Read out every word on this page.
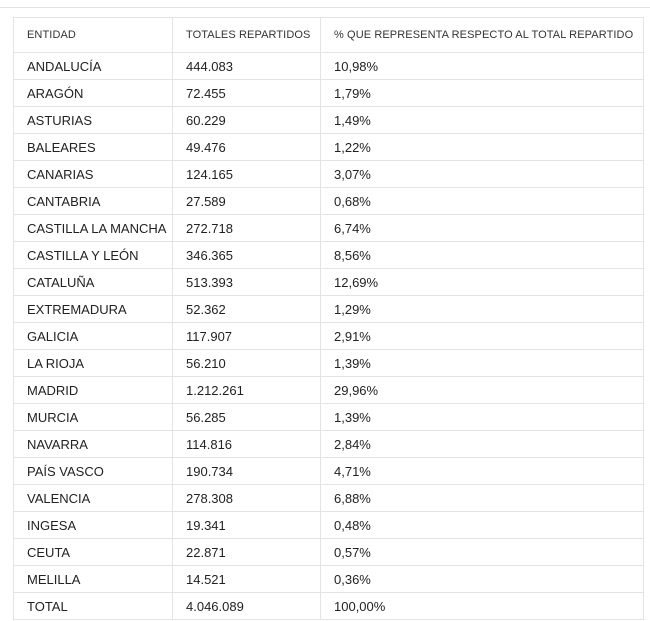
ENTIDAD	TOTALES REPARTIDOS	% QUE REPRESENTA RESPECTO AL TOTAL REPARTIDO
ANDALUCÍA	444.083	10,98%
ARAGÓN	72.455	1,79%
ASTURIAS	60.229	1,49%
BALEARES	49.476	1,22%
CANARIAS	124.165	3,07%
CANTABRIA	27.589	0,68%
CASTILLA LA MANCHA	272.718	6,74%
CASTILLA Y LEÓN	346.365	8,56%
CATALUÑA	513.393	12,69%
EXTREMADURA	52.362	1,29%
GALICIA	117.907	2,91%
LA RIOJA	56.210	1,39%
MADRID	1.212.261	29,96%
MURCIA	56.285	1,39%
NAVARRA	114.816	2,84%
PAÍS VASCO	190.734	4,71%
VALENCIA	278.308	6,88%
INGESA	19.341	0,48%
CEUTA	22.871	0,57%
MELILLA	14.521	0,36%
TOTAL	4.046.089	100,00%
